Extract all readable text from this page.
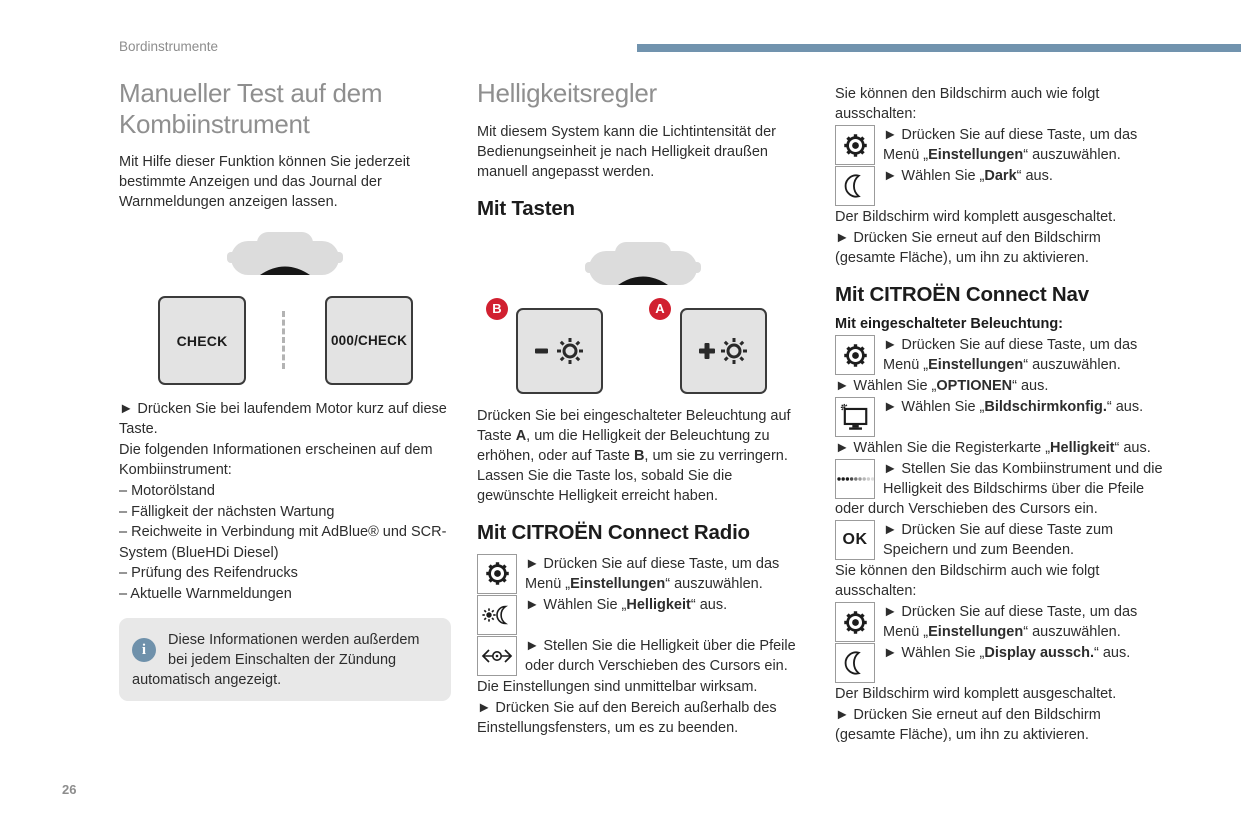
Bordinstrumente
26
Manueller Test auf dem Kombiinstrument
Mit Hilfe dieser Funktion können Sie jederzeit bestimmte Anzeigen und das Journal der Warnmeldungen anzeigen lassen.
CHECK	000/CHECK
► Drücken Sie bei laufendem Motor kurz auf diese Taste.
Die folgenden Informationen erscheinen auf dem Kombiinstrument:
– Motorölstand
– Fälligkeit der nächsten Wartung
– Reichweite in Verbindung mit AdBlue® und SCR-System (BlueHDi Diesel)
– Prüfung des Reifendrucks
– Aktuelle Warnmeldungen
i
Diese Informationen werden außerdem bei jedem Einschalten der Zündung automatisch angezeigt.
Helligkeitsregler
Mit diesem System kann die Lichtintensität der Bedienungseinheit je nach Helligkeit draußen manuell angepasst werden.
Mit Tasten
B	A
Drücken Sie bei eingeschalteter Beleuchtung auf Taste A, um die Helligkeit der Beleuchtung zu erhöhen, oder auf Taste B, um sie zu verringern. Lassen Sie die Taste los, sobald Sie die gewünschte Helligkeit erreicht haben.
Mit CITROËN Connect Radio
► Drücken Sie auf diese Taste, um das Menü „Einstellungen“ auszuwählen.
► Wählen Sie „Helligkeit“ aus.
► Stellen Sie die Helligkeit über die Pfeile oder durch Verschieben des Cursors ein.
Die Einstellungen sind unmittelbar wirksam.
► Drücken Sie auf den Bereich außerhalb des Einstellungsfensters, um es zu beenden.
Sie können den Bildschirm auch wie folgt ausschalten:
► Drücken Sie auf diese Taste, um das Menü „Einstellungen“ auszuwählen.
► Wählen Sie „Dark“ aus.
Der Bildschirm wird komplett ausgeschaltet.
► Drücken Sie erneut auf den Bildschirm (gesamte Fläche), um ihn zu aktivieren.
Mit CITROËN Connect Nav
Mit eingeschalteter Beleuchtung:
► Drücken Sie auf diese Taste, um das Menü „Einstellungen“ auszuwählen.
► Wählen Sie „OPTIONEN“ aus.
► Wählen Sie „Bildschirmkonfig.“ aus.
► Wählen Sie die Registerkarte „Helligkeit“ aus.
► Stellen Sie das Kombiinstrument und die Helligkeit des Bildschirms über die Pfeile oder durch Verschieben des Cursors ein.
OK
► Drücken Sie auf diese Taste zum Speichern und zum Beenden.
Sie können den Bildschirm auch wie folgt ausschalten:
► Drücken Sie auf diese Taste, um das Menü „Einstellungen“ auszuwählen.
► Wählen Sie „Display aussch.“ aus.
Der Bildschirm wird komplett ausgeschaltet.
► Drücken Sie erneut auf den Bildschirm (gesamte Fläche), um ihn zu aktivieren.
